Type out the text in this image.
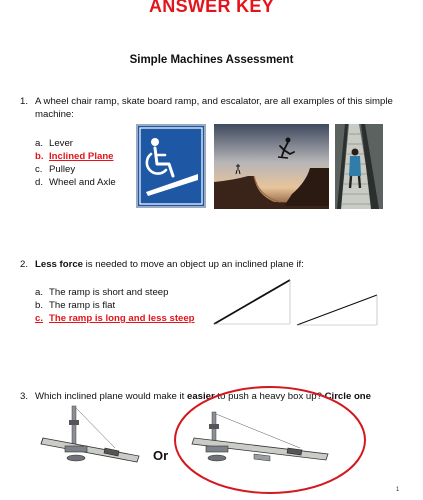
ANSWER KEY
Simple Machines Assessment
1. A wheel chair ramp, skate board ramp, and escalator, are all examples of this simple machine:
a. Lever
b. Inclined Plane
c. Pulley
d. Wheel and Axle
2. Less force is needed to move an object up an inclined plane if:
a. The ramp is short and steep
b. The ramp is flat
c. The ramp is long and less steep
3. Which inclined plane would make it easier to push a heavy box up? Circle one
Or
1
